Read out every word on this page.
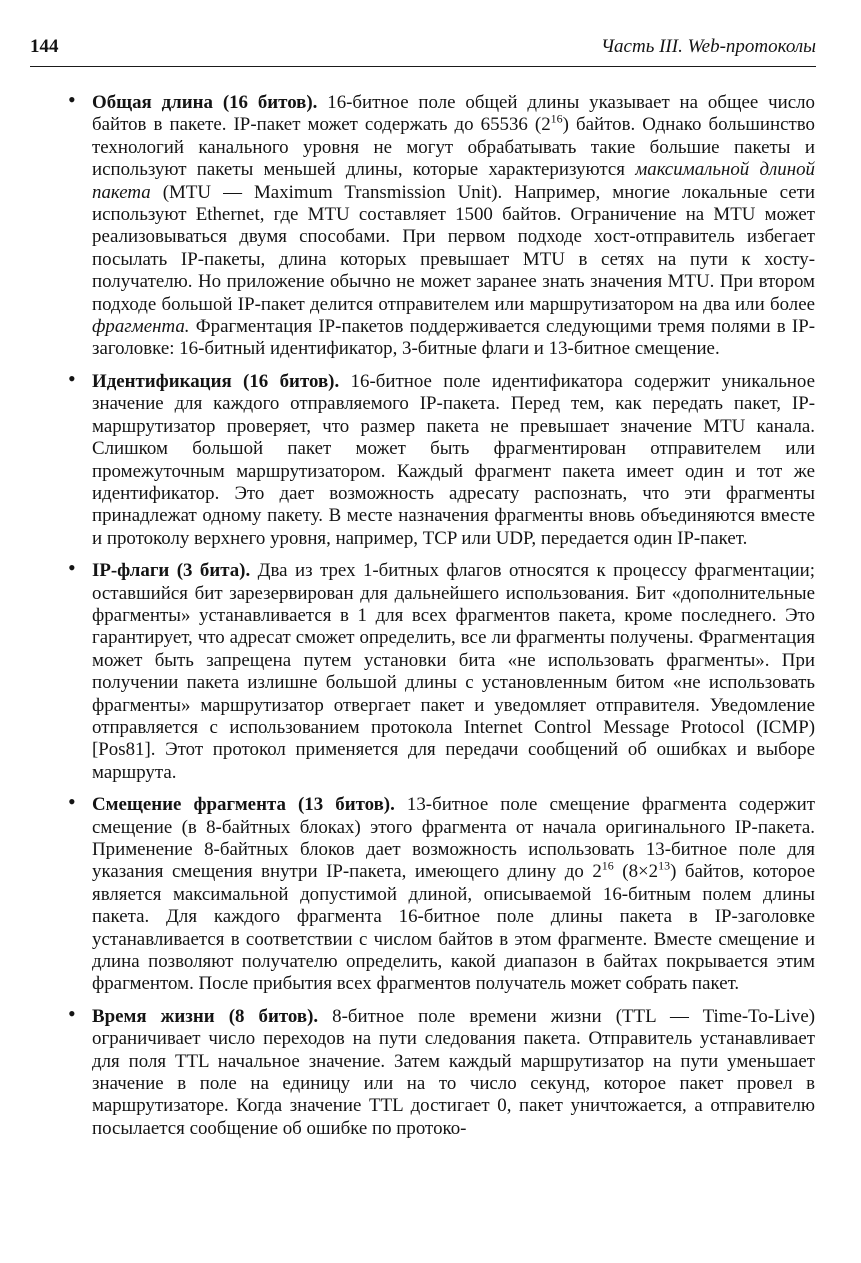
144	Часть III. Web-протоколы
• Общая длина (16 битов). 16-битное поле общей длины указывает на общее число байтов в пакете. IP-пакет может содержать до 65536 $(2^{16})$ байтов. Однако большинство технологий канального уровня не могут обрабатывать такие большие пакеты и используют пакеты меньшей длины, которые характеризуются максимальной длиной пакета (MTU — Maximum Transmission Unit). Например, многие локальные сети используют Ethernet, где MTU составляет 1500 байтов. Ограничение на MTU может реализовываться двумя способами. При первом подходе хост-отправитель избегает посылать IP-пакеты, длина которых превышает MTU в сетях на пути к хосту-получателю. Но приложение обычно не может заранее знать значения MTU. При втором подходе большой IP-пакет делится отправителем или маршрутизатором на два или более фрагмента. Фрагментация IP-пакетов поддерживается следующими тремя полями в IP-заголовке: 16-битный идентификатор, 3-битные флаги и 13-битное смещение.
• Идентификация (16 битов). 16-битное поле идентификатора содержит уникальное значение для каждого отправляемого IP-пакета. Перед тем, как передать пакет, IP-маршрутизатор проверяет, что размер пакета не превышает значение MTU канала. Слишком большой пакет может быть фрагментирован отправителем или промежуточным маршрутизатором. Каждый фрагмент пакета имеет один и тот же идентификатор. Это дает возможность адресату распознать, что эти фрагменты принадлежат одному пакету. В месте назначения фрагменты вновь объединяются вместе и протоколу верхнего уровня, например, TCP или UDP, передается один IP-пакет.
• IP-флаги (3 бита). Два из трех 1-битных флагов относятся к процессу фрагментации; оставшийся бит зарезервирован для дальнейшего использования. Бит «дополнительные фрагменты» устанавливается в 1 для всех фрагментов пакета, кроме последнего. Это гарантирует, что адресат сможет определить, все ли фрагменты получены. Фрагментация может быть запрещена путем установки бита «не использовать фрагменты». При получении пакета излишне большой длины с установленным битом «не использовать фрагменты» маршрутизатор отвергает пакет и уведомляет отправителя. Уведомление отправляется с использованием протокола Internet Control Message Protocol (ICMP) [Pos81]. Этот протокол применяется для передачи сообщений об ошибках и выборе маршрута.
• Смещение фрагмента (13 битов). 13-битное поле смещение фрагмента содержит смещение (в 8-байтных блоках) этого фрагмента от начала оригинального IP-пакета. Применение 8-байтных блоков дает возможность использовать 13-битное поле для указания смещения внутри IP-пакета, имеющего длину до $2^{16}$ $(8\times 2^{13})$ байтов, которое является максимальной допустимой длиной, описываемой 16-битным полем длины пакета. Для каждого фрагмента 16-битное поле длины пакета в IP-заголовке устанавливается в соответствии с числом байтов в этом фрагменте. Вместе смещение и длина позволяют получателю определить, какой диапазон в байтах покрывается этим фрагментом. После прибытия всех фрагментов получатель может собрать пакет.
• Время жизни (8 битов). 8-битное поле времени жизни (TTL — Time-To-Live) ограничивает число переходов на пути следования пакета. Отправитель устанавливает для поля TTL начальное значение. Затем каждый маршрутизатор на пути уменьшает значение в поле на единицу или на то число секунд, которое пакет провел в маршрутизаторе. Когда значение TTL достигает 0, пакет уничтожается, а отправителю посылается сообщение об ошибке по протоко-
